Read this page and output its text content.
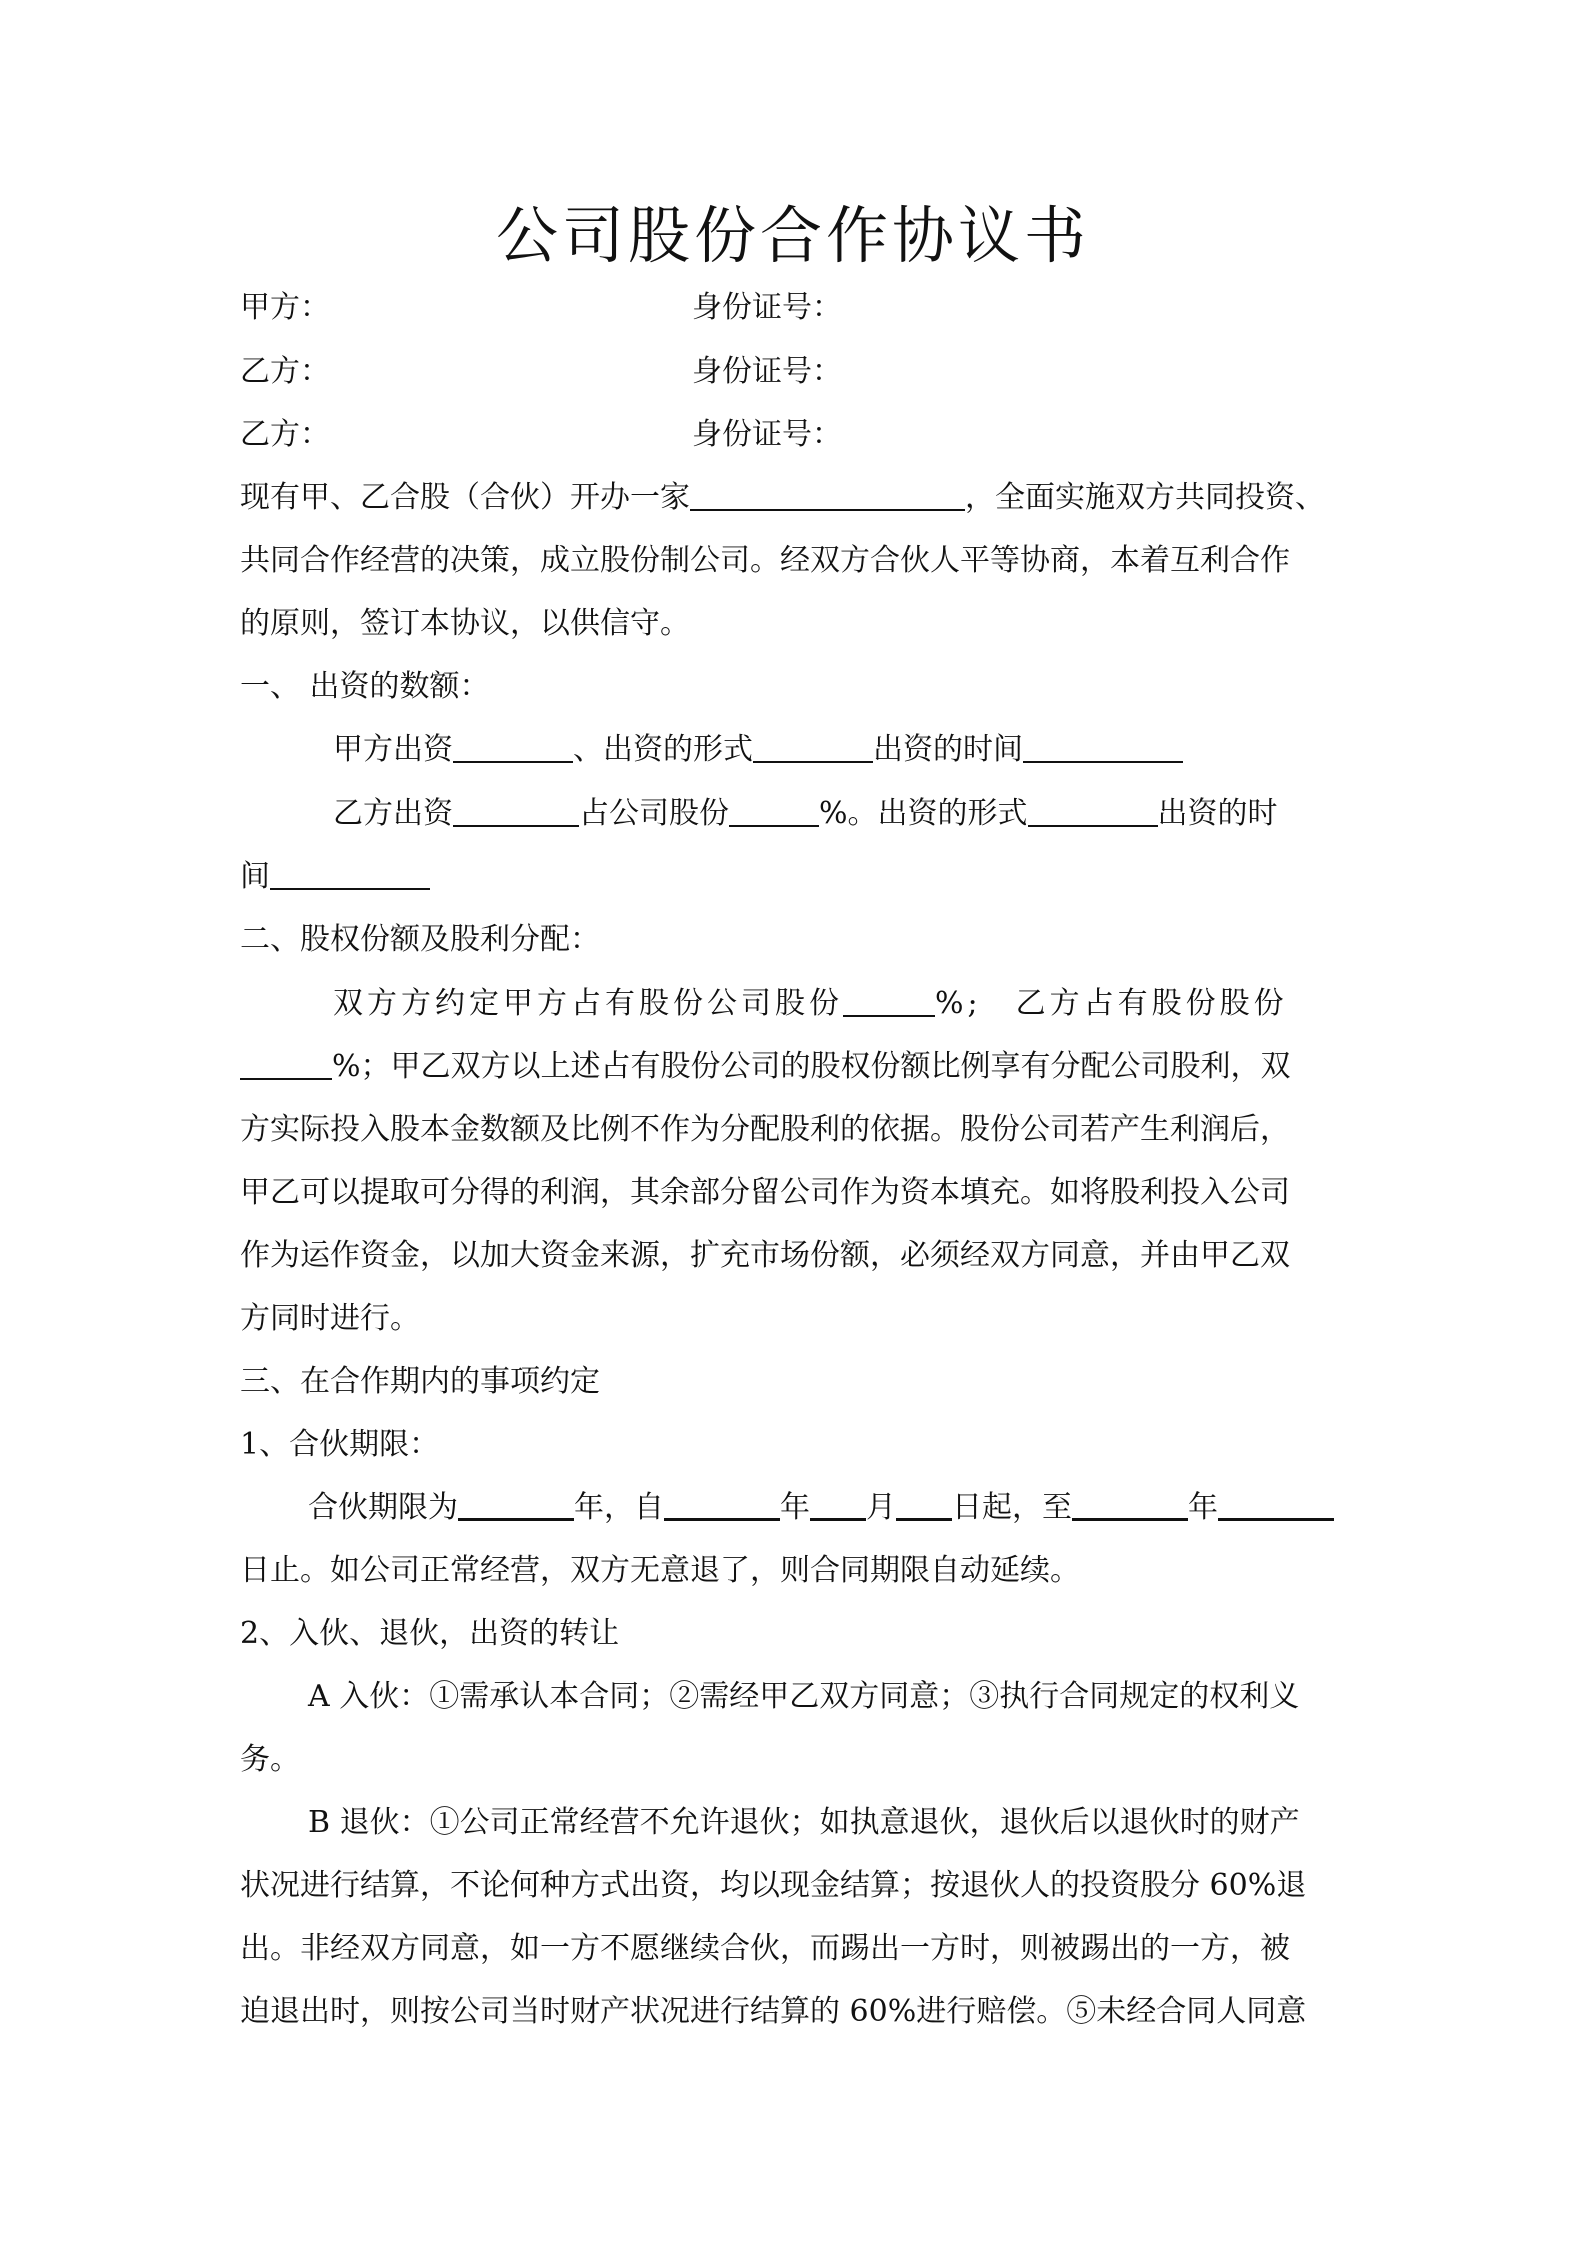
公司股份合作协议书
甲方：	身份证号：
乙方：	身份证号：
乙方：	身份证号：
现有甲、乙合股（合伙）开办一家	，全面实施双方共同投资、
共同合作经营的决策，成立股份制公司。经双方合伙人平等协商，本着互利合作
的原则，签订本协议，以供信守。
一、 出资的数额：
甲方出资	、出资的形式	出资的时间
乙方出资	占公司股份	%。出资的形式	出资的时
间
二、股权份额及股利分配：
双方方约定甲方占有股份公司股份	%; 乙方占有股份股份
%；甲乙双方以上述占有股份公司的股权份额比例享有分配公司股利，双
方实际投入股本金数额及比例不作为分配股利的依据。股份公司若产生利润后，
甲乙可以提取可分得的利润，其余部分留公司作为资本填充。如将股利投入公司
作为运作资金，以加大资金来源，扩充市场份额，必须经双方同意，并由甲乙双
方同时进行。
三、在合作期内的事项约定
1、合伙期限：
合伙期限为	年，自	年 月 日起，至	年
日止。如公司正常经营，双方无意退了，则合同期限自动延续。
2、入伙、退伙，出资的转让
A 入伙：①需承认本合同；②需经甲乙双方同意；③执行合同规定的权利义
务。
B 退伙：①公司正常经营不允许退伙；如执意退伙，退伙后以退伙时的财产
状况进行结算，不论何种方式出资，均以现金结算；按退伙人的投资股分 60%退
出。非经双方同意，如一方不愿继续合伙，而踢出一方时，则被踢出的一方，被
迫退出时，则按公司当时财产状况进行结算的 60%进行赔偿。⑤未经合同人同意
